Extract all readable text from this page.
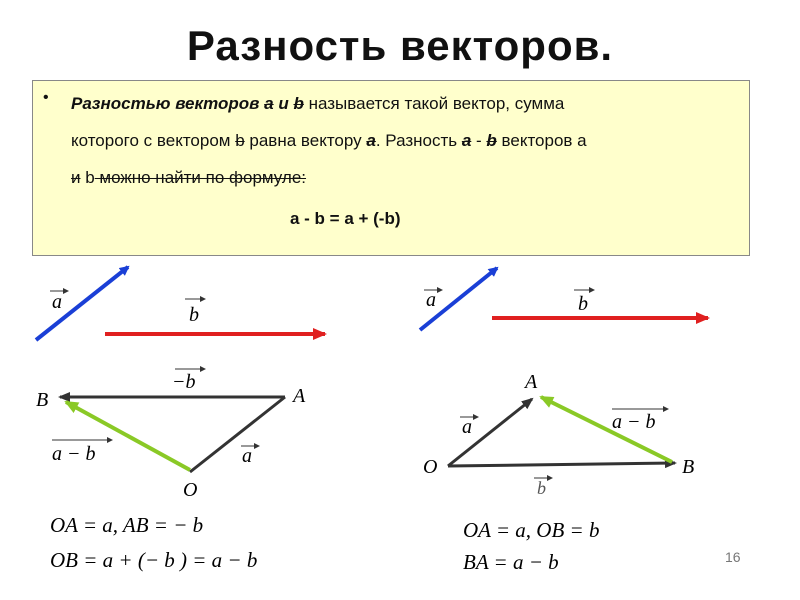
Разность векторов.
• Разностью векторов a и b называется такой вектор, сумма
которого с вектором b равна вектору a. Разность a - b векторов а
и b можно найти по формуле:
a - b = a + (-b)
a
b
−b
B	A
O
a − b	a
OA = a, AB = − b
OB = a + (− b ) = a − b
a	b
A
O	B
a	a − b
b
OA = a, OB = b
BA = a − b	16
